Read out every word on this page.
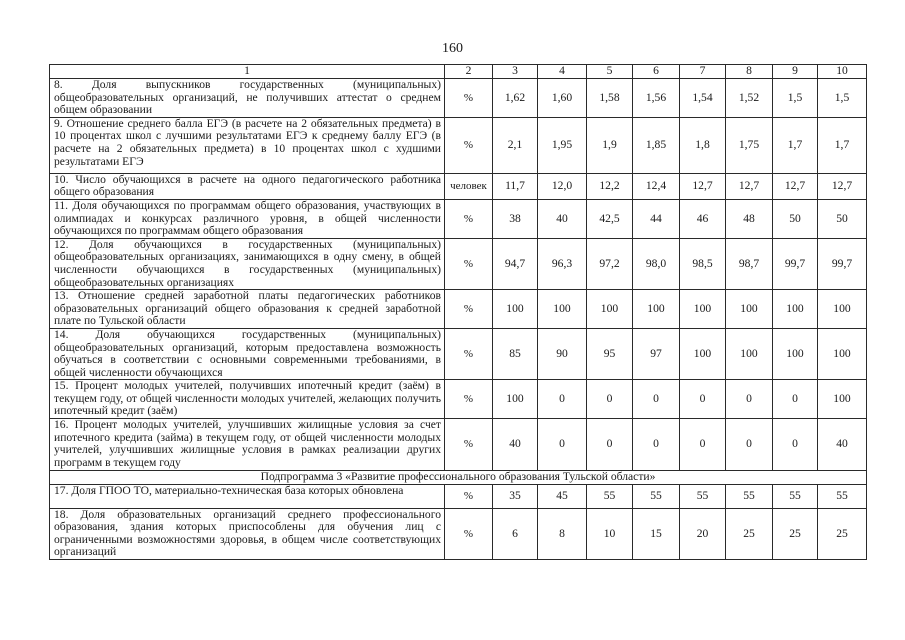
160
1	2	3	4	5	6	7	8	9	10
8. Доля выпускников государственных (муниципальных) общеобразовательных организаций, не получивших аттестат о среднем общем образовании	%	1,62	1,60	1,58	1,56	1,54	1,52	1,5	1,5
9. Отношение среднего балла ЕГЭ (в расчете на 2 обязательных предмета) в 10 процентах школ с лучшими результатами ЕГЭ к среднему баллу ЕГЭ (в расчете на 2 обязательных предмета) в 10 процентах школ с худшими результатами ЕГЭ	%	2,1	1,95	1,9	1,85	1,8	1,75	1,7	1,7
10. Число обучающихся в расчете на одного педагогического работника общего образования	человек	11,7	12,0	12,2	12,4	12,7	12,7	12,7	12,7
11. Доля обучающихся по программам общего образования, участвующих в олимпиадах и конкурсах различного уровня, в общей численности обучающихся по программам общего образования	%	38	40	42,5	44	46	48	50	50
12. Доля обучающихся в государственных (муниципальных) общеобразовательных организациях, занимающихся в одну смену, в общей численности обучающихся в государственных (муниципальных) общеобразовательных организациях	%	94,7	96,3	97,2	98,0	98,5	98,7	99,7	99,7
13. Отношение средней заработной платы педагогических работников образовательных организаций общего образования к средней заработной плате по Тульской области	%	100	100	100	100	100	100	100	100
14. Доля обучающихся государственных (муниципальных) общеобразовательных организаций, которым предоставлена возможность обучаться в соответствии с основными современными требованиями, в общей численности обучающихся	%	85	90	95	97	100	100	100	100
15. Процент молодых учителей, получивших ипотечный кредит (заём) в текущем году, от общей численности молодых учителей, желающих получить ипотечный кредит (заём)	%	100	0	0	0	0	0	0	100
16. Процент молодых учителей, улучшивших жилищные условия за счет ипотечного кредита (займа) в текущем году, от общей численности молодых учителей, улучшивших жилищные условия в рамках реализации других программ в текущем году	%	40	0	0	0	0	0	0	40
Подпрограмма 3 «Развитие профессионального образования Тульской области»									
17. Доля ГПОО ТО, материально-техническая база которых обновлена	%	35	45	55	55	55	55	55	55
18. Доля образовательных организаций среднего профессионального образования, здания которых приспособлены для обучения лиц с ограниченными возможностями здоровья, в общем числе соответствующих организаций	%	6	8	10	15	20	25	25	25
